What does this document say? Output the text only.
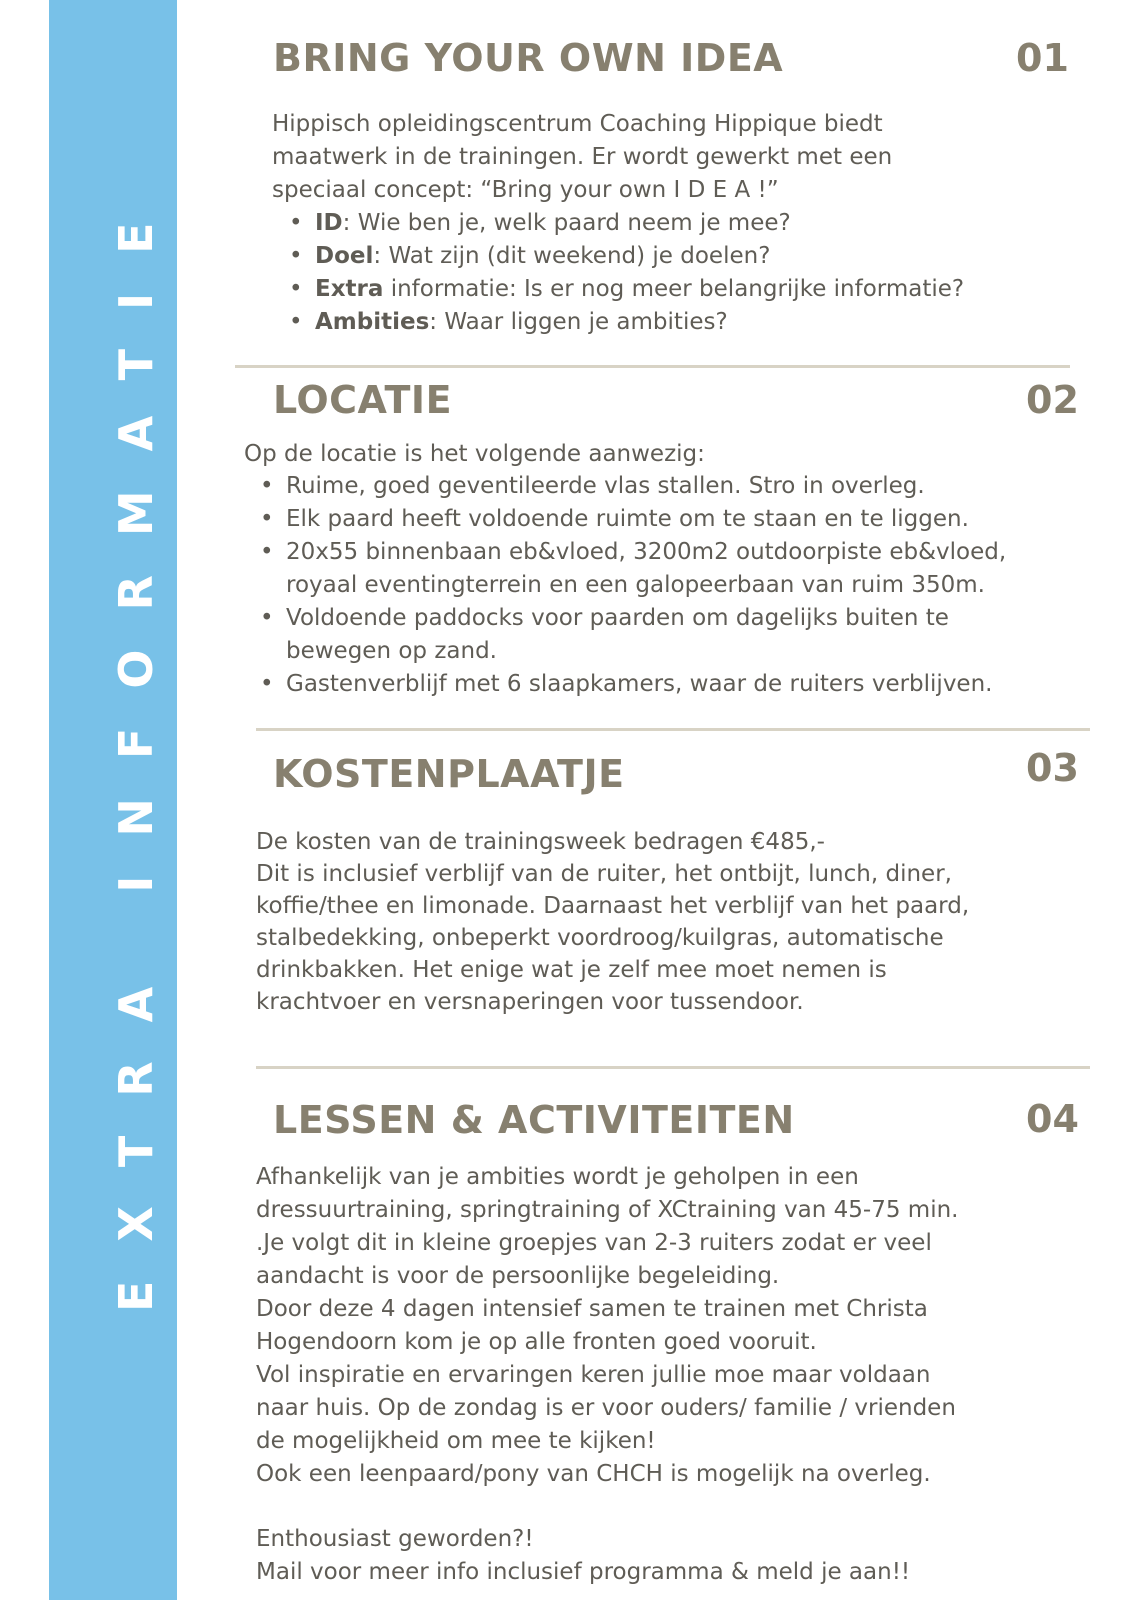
EXTRA INFORMATIE
BRING YOUR OWN IDEA	01
Hippisch opleidingscentrum Coaching Hippique biedt
maatwerk in de trainingen. Er wordt gewerkt met een
speciaal concept: “Bring your own I D E A !”
• ID: Wie ben je, welk paard neem je mee?
• Doel: Wat zijn (dit weekend) je doelen?
• Extra informatie: Is er nog meer belangrijke informatie?
• Ambities: Waar liggen je ambities?
LOCATIE	02
Op de locatie is het volgende aanwezig:
• Ruime, goed geventileerde vlas stallen. Stro in overleg.
• Elk paard heeft voldoende ruimte om te staan en te liggen.
• 20x55 binnenbaan eb&vloed, 3200m2 outdoorpiste eb&vloed,
royaal eventingterrein en een galopeerbaan van ruim 350m.
• Voldoende paddocks voor paarden om dagelijks buiten te
bewegen op zand.
• Gastenverblijf met 6 slaapkamers, waar de ruiters verblijven.
KOSTENPLAATJE	03
De kosten van de trainingsweek bedragen €485,-
Dit is inclusief verblijf van de ruiter, het ontbijt, lunch, diner,
koffie/thee en limonade. Daarnaast het verblijf van het paard,
stalbedekking, onbeperkt voordroog/kuilgras, automatische
drinkbakken. Het enige wat je zelf mee moet nemen is
krachtvoer en versnaperingen voor tussendoor.
LESSEN & ACTIVITEITEN	04
Afhankelijk van je ambities wordt je geholpen in een
dressuurtraining, springtraining of XCtraining van 45-75 min.
.Je volgt dit in kleine groepjes van 2-3 ruiters zodat er veel
aandacht is voor de persoonlijke begeleiding.
Door deze 4 dagen intensief samen te trainen met Christa
Hogendoorn kom je op alle fronten goed vooruit.
Vol inspiratie en ervaringen keren jullie moe maar voldaan
naar huis. Op de zondag is er voor ouders/ familie / vrienden
de mogelijkheid om mee te kijken!
Ook een leenpaard/pony van CHCH is mogelijk na overleg.
Enthousiast geworden?!
Mail voor meer info inclusief programma & meld je aan!!
